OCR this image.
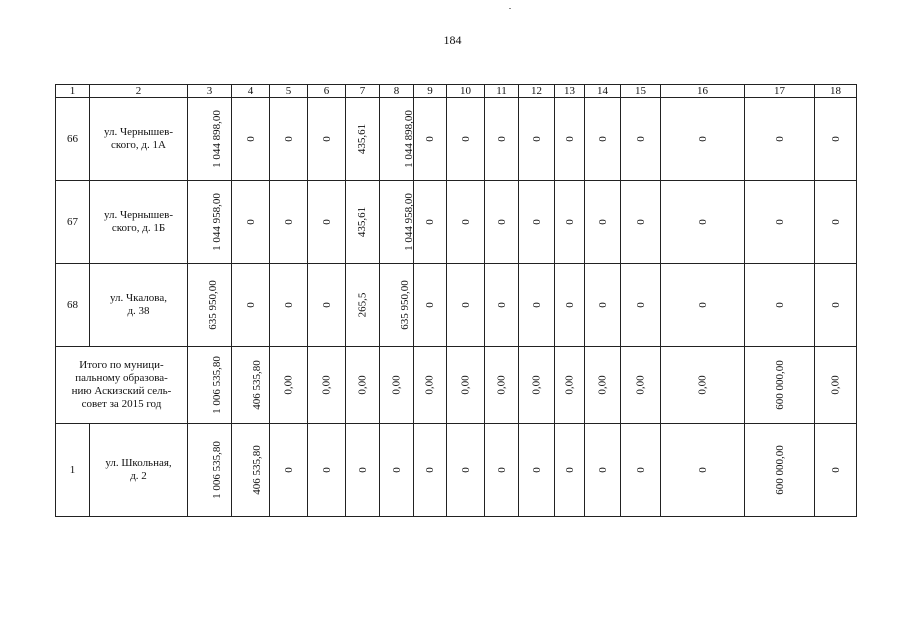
184
1	2	3	4	5	6	7	8	9	10	11	12	13	14	15	16	17	18
66	ул. Чернышев-
ского, д. 1А	1 044 898,00	0	0	0	435,61	1 044 898,00	0	0	0	0	0	0	0	0	0	0
67	ул. Чернышев-
ского, д. 1Б	1 044 958,00	0	0	0	435,61	1 044 958,00	0	0	0	0	0	0	0	0	0	0
68	ул. Чкалова,
д. 38	635 950,00	0	0	0	265,5	635 950,00	0	0	0	0	0	0	0	0	0	0

Итого по муници-
пальному образова-
нию Аскизский сель-
совет за 2015 год		1 006 535,80	406 535,80	0,00	0,00	0,00	0,00	0,00	0,00	0,00	0,00	0,00	0,00	0,00	0,00	600 000,00	0,00
1	ул. Школьная,
д. 2	1 006 535,80	406 535,80	0	0	0	0	0	0	0	0	0	0	0	0	600 000,00	0
